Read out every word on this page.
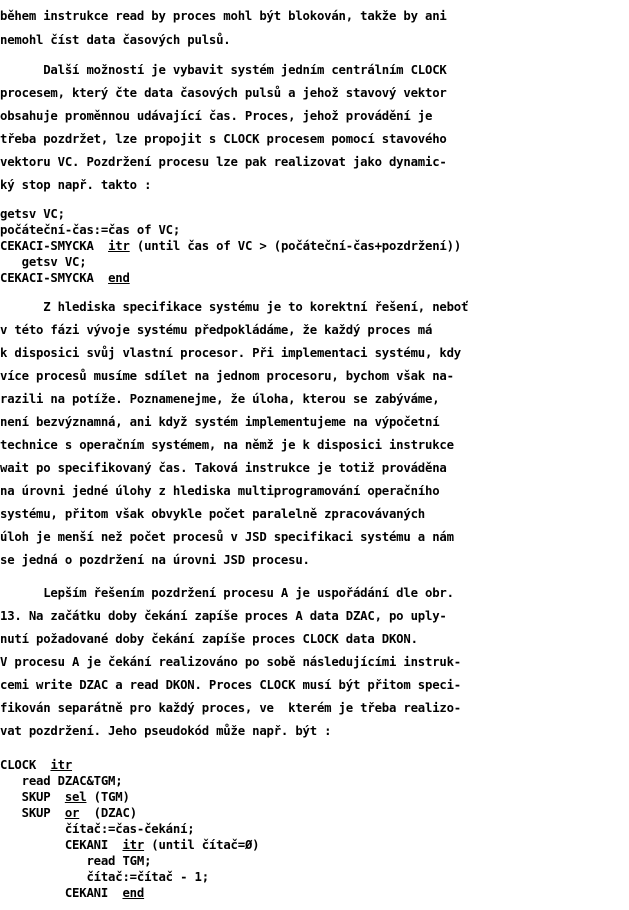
během instrukce read by proces mohl být blokován, takže by ani
nemohl číst data časových pulsů.
Další možností je vybavit systém jedním centrálním CLOCK
procesem, který čte data časových pulsů a jehož stavový vektor
obsahuje proměnnou udávající čas. Proces, jehož provádění je
třeba pozdržet, lze propojit s CLOCK procesem pomocí stavového
vektoru VC. Pozdržení procesu lze pak realizovat jako dynamic-
ký stop např. takto :
getsv VC;
počáteční-čas:=čas of VC;
CEKACI-SMYCKA  itr (until čas of VC > (počáteční-čas+pozdržení))
getsv VC;
CEKACI-SMYCKA  end
Z hlediska specifikace systému je to korektní řešení, neboť
v této fázi vývoje systému předpokládáme, že každý proces má
k disposici svůj vlastní procesor. Při implementaci systému, kdy
více procesů musíme sdílet na jednom procesoru, bychom však na-
razili na potíže. Poznamenejme, že úloha, kterou se zabýváme,
není bezvýznamná, ani když systém implementujeme na výpočetní
technice s operačním systémem, na němž je k disposici instrukce
wait po specifikovaný čas. Taková instrukce je totiž prováděna
na úrovni jedné úlohy z hlediska multiprogramování operačního
systému, přitom však obvykle počet paralelně zpracovávaných
úloh je menší než počet procesů v JSD specifikaci systému a nám
se jedná o pozdržení na úrovni JSD procesu.
Lepším řešením pozdržení procesu A je uspořádání dle obr.
13. Na začátku doby čekání zapíše proces A data DZAC, po uply-
nutí požadované doby čekání zapíše proces CLOCK data DKON.
V procesu A je čekání realizováno po sobě následujícími instruk-
cemi write DZAC a read DKON. Proces CLOCK musí být přitom speci-
fikován separátně pro každý proces, ve  kterém je třeba realizo-
vat pozdržení. Jeho pseudokód může např. být :
CLOCK  itr
read DZAC&TGM;
SKUP  sel (TGM)
SKUP  or  (DZAC)
čítač:=čas-čekání;
CEKANI  itr (until čítač=Ø)
read TGM;
čítač:=čítač - 1;
CEKANI  end
